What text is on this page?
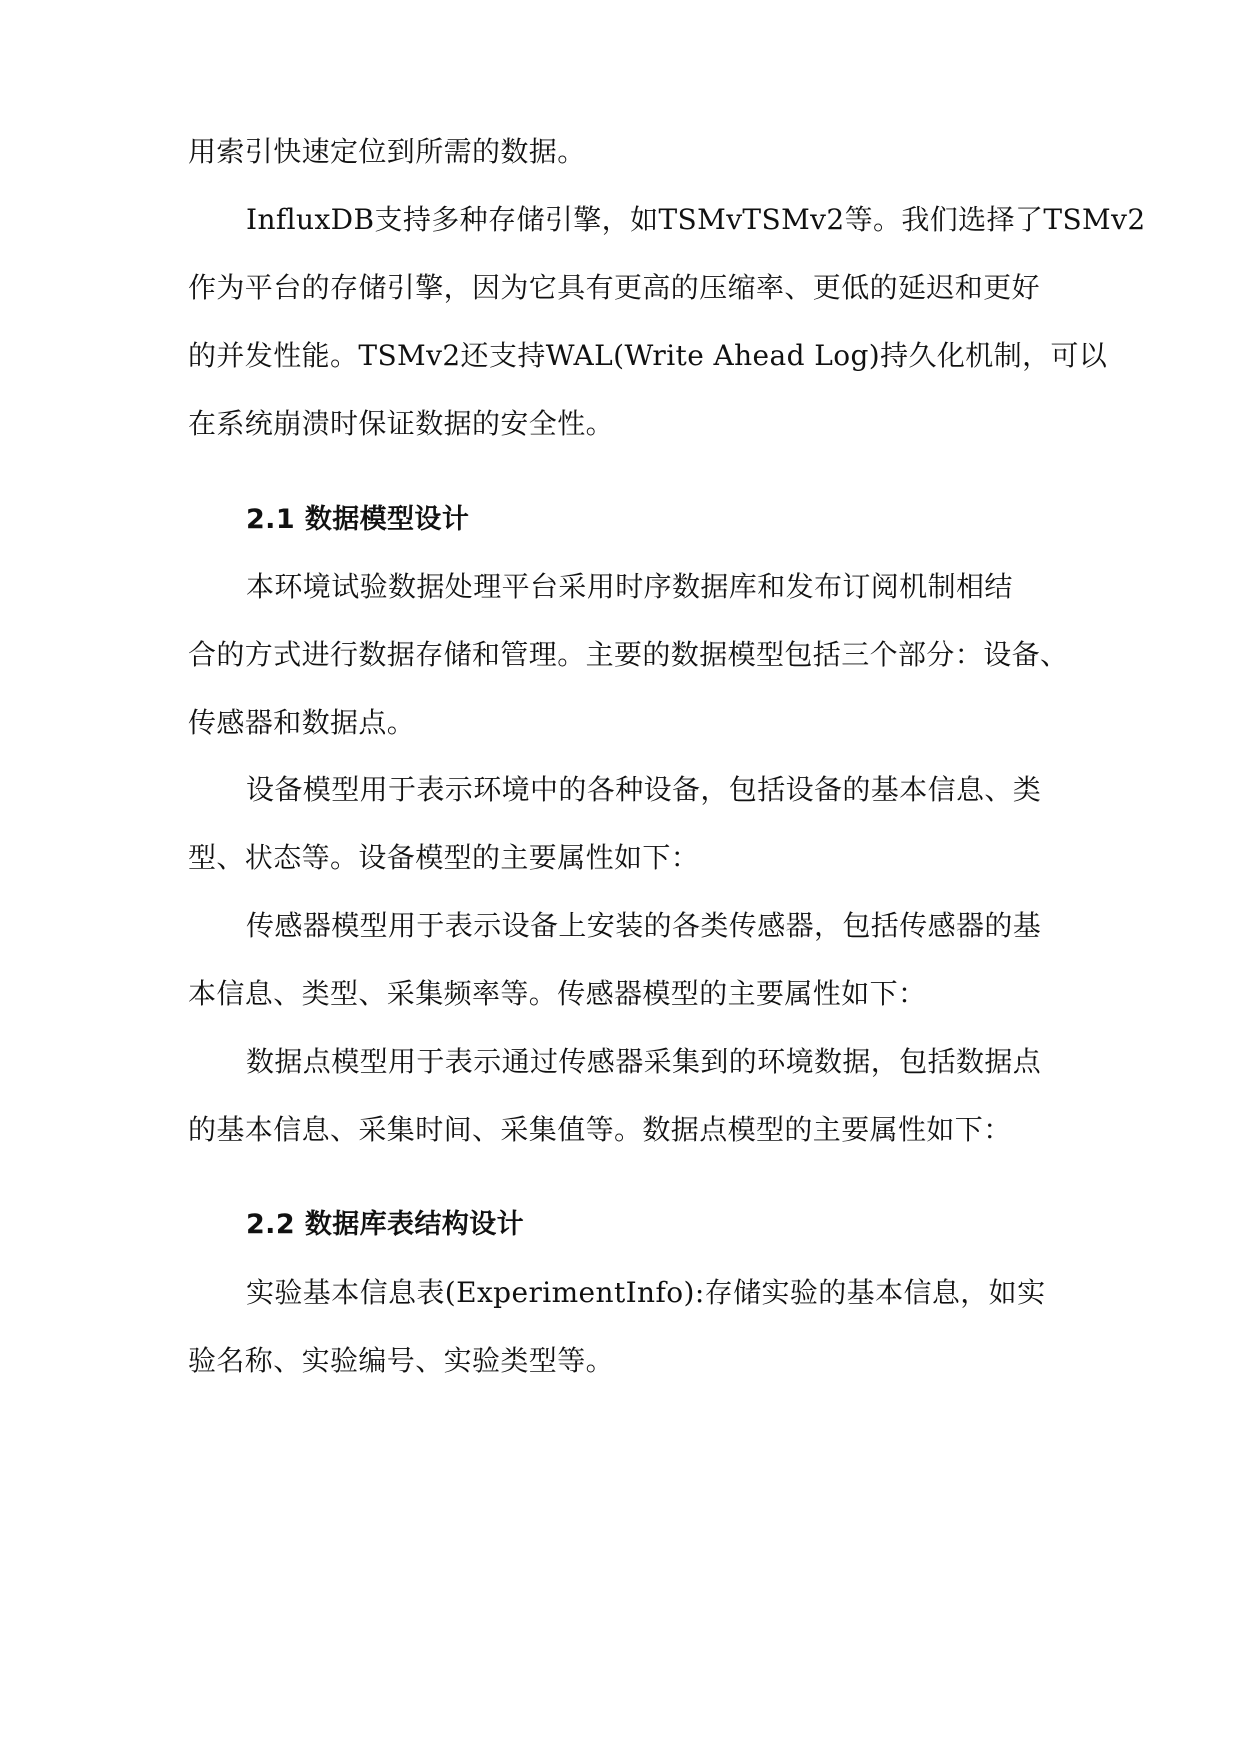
用索引快速定位到所需的数据。
InfluxDB支持多种存储引擎，如TSMvTSMv2等。我们选择了TSMv2
作为平台的存储引擎，因为它具有更高的压缩率、更低的延迟和更好
的并发性能。TSMv2还支持WAL(Write Ahead Log)持久化机制，可以
在系统崩溃时保证数据的安全性。
2.1 数据模型设计
本环境试验数据处理平台采用时序数据库和发布订阅机制相结
合的方式进行数据存储和管理。主要的数据模型包括三个部分：设备、
传感器和数据点。
设备模型用于表示环境中的各种设备，包括设备的基本信息、类
型、状态等。设备模型的主要属性如下：
传感器模型用于表示设备上安装的各类传感器，包括传感器的基
本信息、类型、采集频率等。传感器模型的主要属性如下：
数据点模型用于表示通过传感器采集到的环境数据，包括数据点
的基本信息、采集时间、采集值等。数据点模型的主要属性如下：
2.2 数据库表结构设计
实验基本信息表(ExperimentInfo):存储实验的基本信息，如实
验名称、实验编号、实验类型等。
